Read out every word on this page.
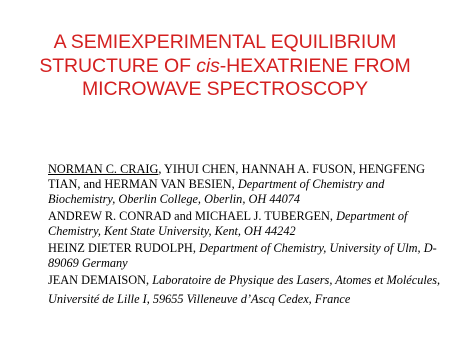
A SEMIEXPERIMENTAL EQUILIBRIUM
STRUCTURE OF cis-HEXATRIENE FROM
MICROWAVE SPECTROSCOPY
NORMAN C. CRAIG, YIHUI CHEN, HANNAH A. FUSON, HENGFENG
TIAN, and HERMAN VAN BESIEN, Department of Chemistry and
Biochemistry, Oberlin College, Oberlin, OH 44074
ANDREW R. CONRAD and MICHAEL J. TUBERGEN, Department of
Chemistry, Kent State University, Kent, OH 44242
HEINZ DIETER RUDOLPH, Department of Chemistry, University of Ulm, D-
89069 Germany
JEAN DEMAISON, Laboratoire de Physique des Lasers, Atomes et Molécules,
Université de Lille I, 59655 Villeneuve d’Ascq Cedex, France
